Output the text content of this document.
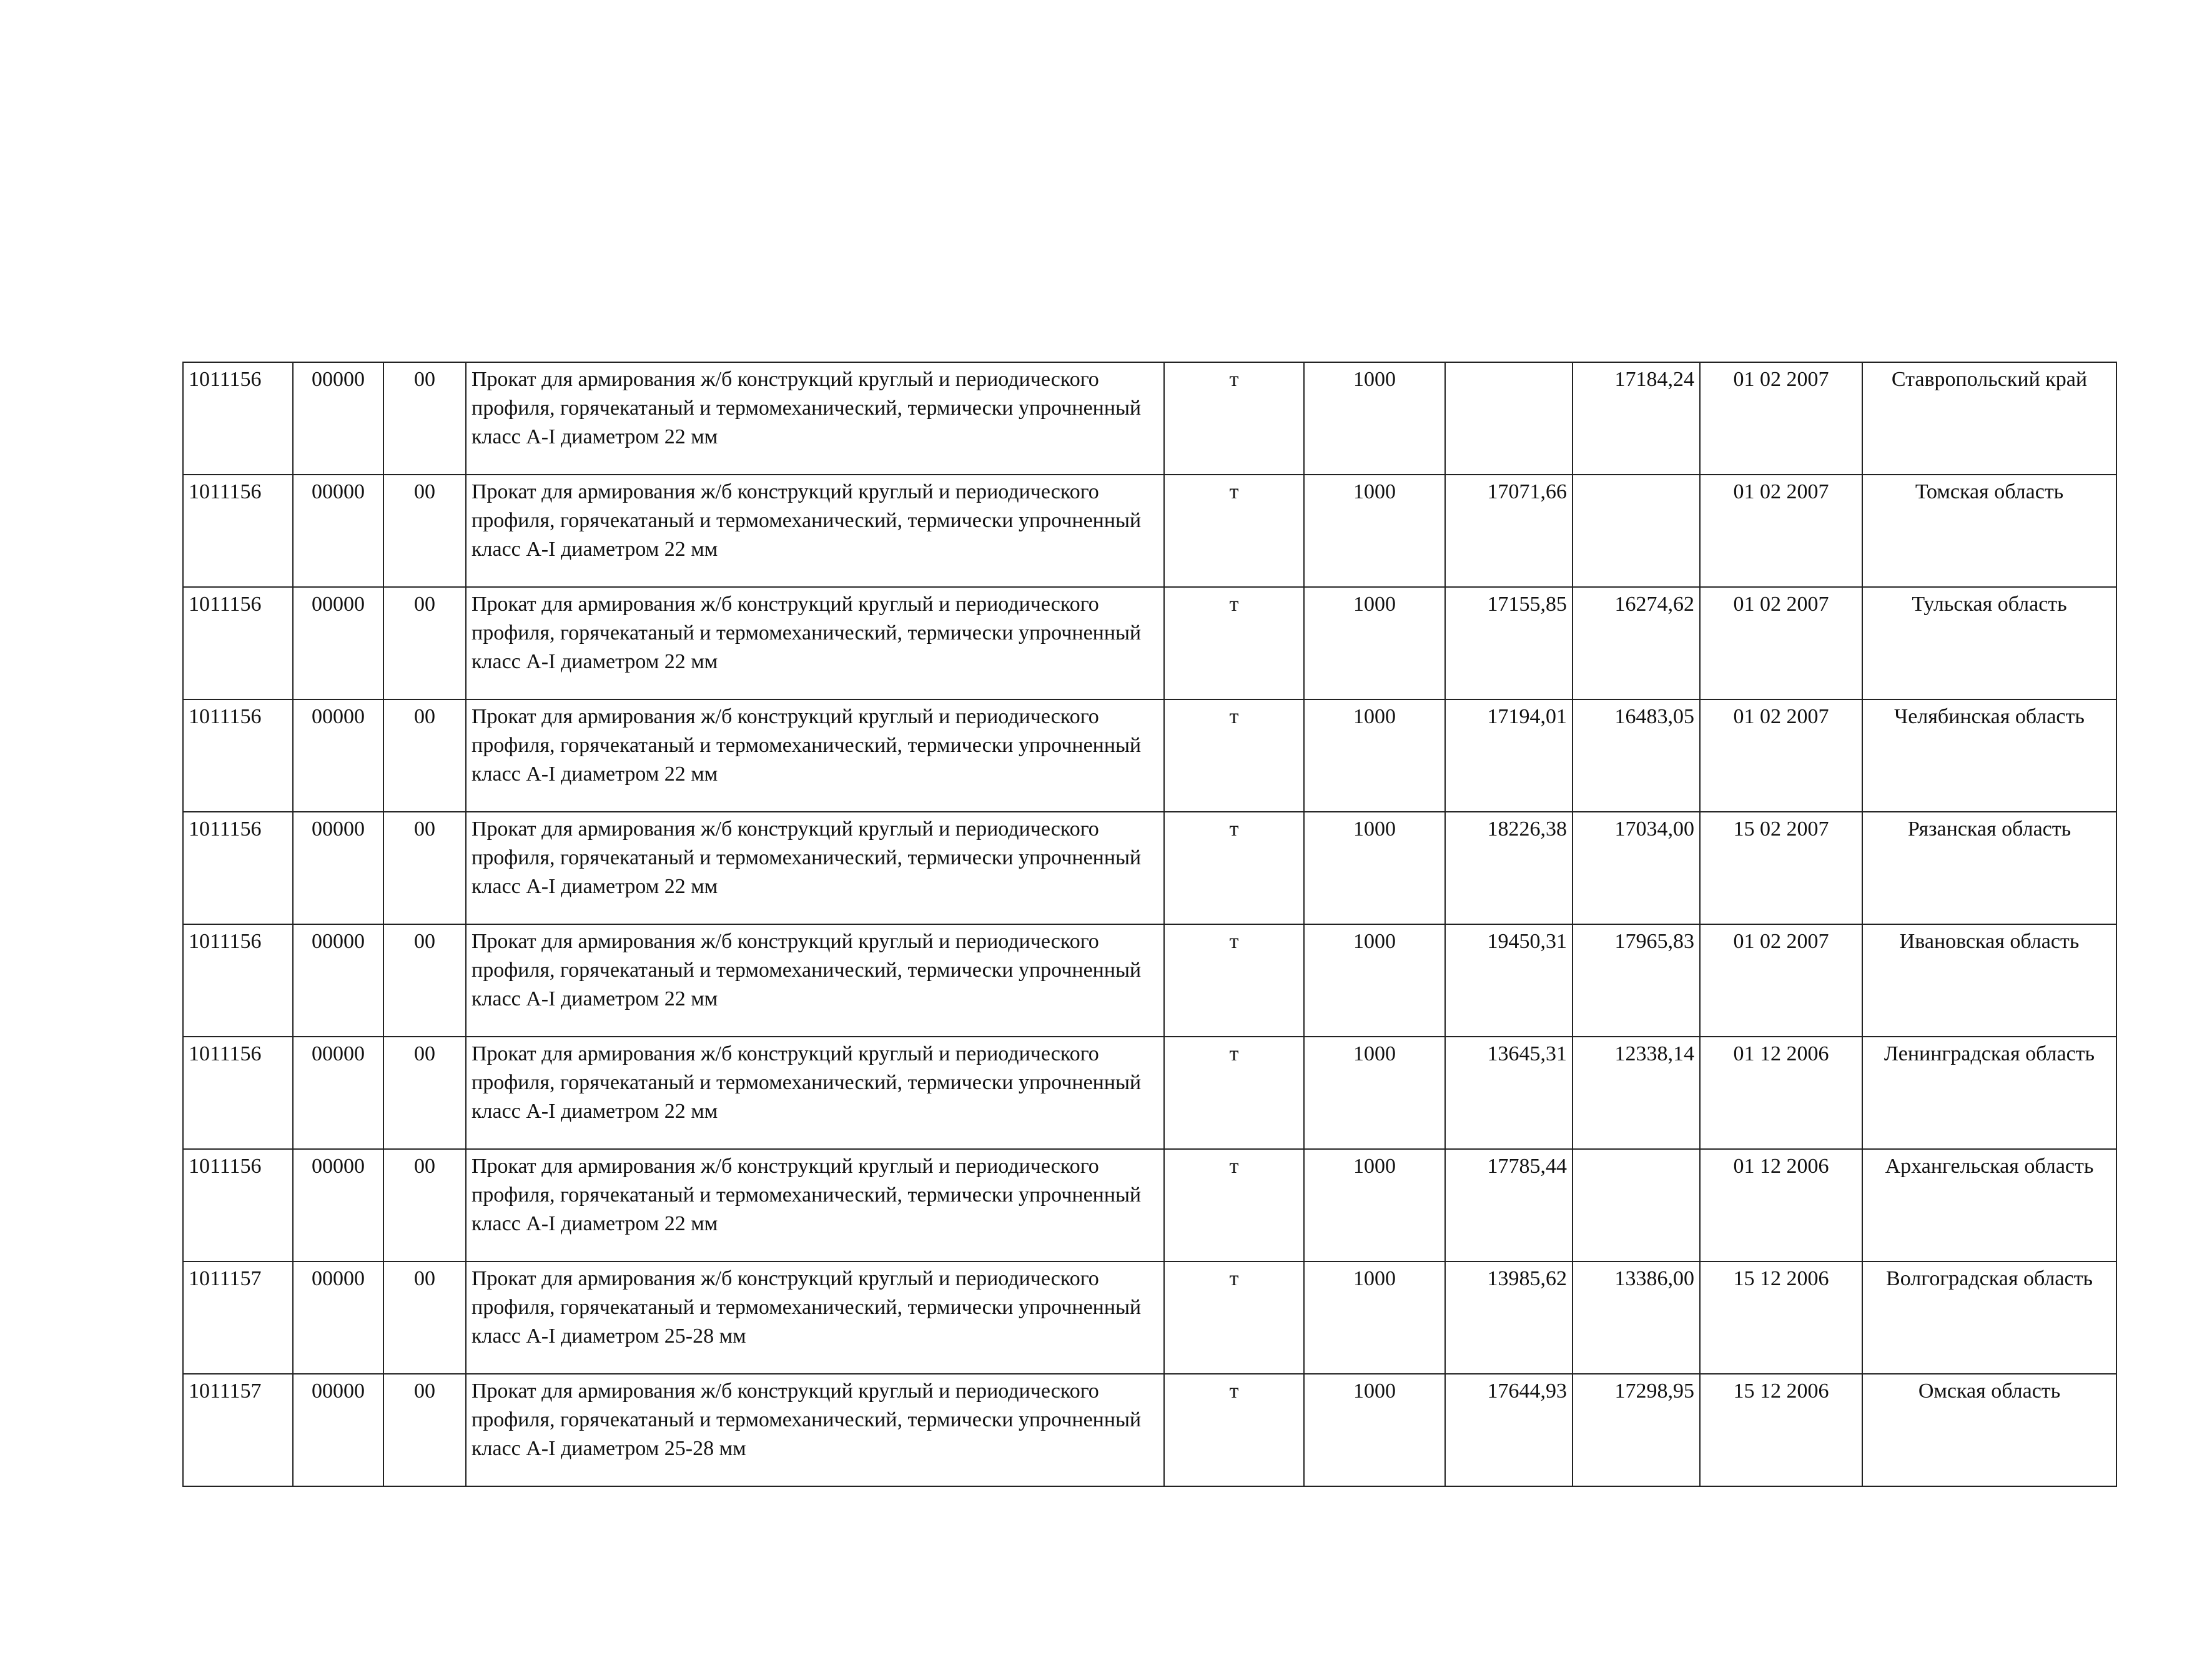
1011156	00000	00	Прокат для армирования ж/б конструкций круглый и периодического профиля, горячекатаный и термомеханический, термически упрочненный класс А-I диаметром 22 мм	т	1000		17184,24	01 02 2007	Ставропольский край
1011156	00000	00	Прокат для армирования ж/б конструкций круглый и периодического профиля, горячекатаный и термомеханический, термически упрочненный класс А-I диаметром 22 мм	т	1000	17071,66		01 02 2007	Томская область
1011156	00000	00	Прокат для армирования ж/б конструкций круглый и периодического профиля, горячекатаный и термомеханический, термически упрочненный класс А-I диаметром 22 мм	т	1000	17155,85	16274,62	01 02 2007	Тульская область
1011156	00000	00	Прокат для армирования ж/б конструкций круглый и периодического профиля, горячекатаный и термомеханический, термически упрочненный класс А-I диаметром 22 мм	т	1000	17194,01	16483,05	01 02 2007	Челябинская область
1011156	00000	00	Прокат для армирования ж/б конструкций круглый и периодического профиля, горячекатаный и термомеханический, термически упрочненный класс А-I диаметром 22 мм	т	1000	18226,38	17034,00	15 02 2007	Рязанская область
1011156	00000	00	Прокат для армирования ж/б конструкций круглый и периодического профиля, горячекатаный и термомеханический, термически упрочненный класс А-I диаметром 22 мм	т	1000	19450,31	17965,83	01 02 2007	Ивановская область
1011156	00000	00	Прокат для армирования ж/б конструкций круглый и периодического профиля, горячекатаный и термомеханический, термически упрочненный класс А-I диаметром 22 мм	т	1000	13645,31	12338,14	01 12 2006	Ленинградская область
1011156	00000	00	Прокат для армирования ж/б конструкций круглый и периодического профиля, горячекатаный и термомеханический, термически упрочненный класс А-I диаметром 22 мм	т	1000	17785,44		01 12 2006	Архангельская область
1011157	00000	00	Прокат для армирования ж/б конструкций круглый и периодического профиля, горячекатаный и термомеханический, термически упрочненный класс А-I диаметром 25-28 мм	т	1000	13985,62	13386,00	15 12 2006	Волгоградская область
1011157	00000	00	Прокат для армирования ж/б конструкций круглый и периодического профиля, горячекатаный и термомеханический, термически упрочненный класс А-I диаметром 25-28 мм	т	1000	17644,93	17298,95	15 12 2006	Омская область
